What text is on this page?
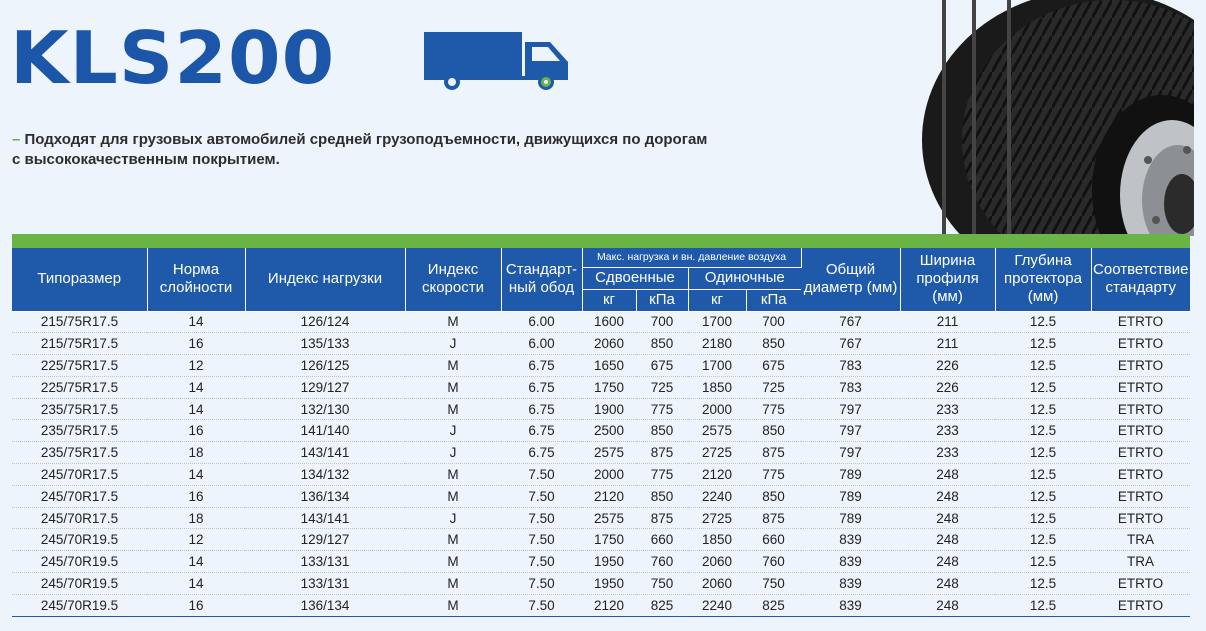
KLS200
– Подходят для грузовых автомобилей средней грузоподъемности, движущихся по дорогам
с высококачественным покрытием.
Типоразмер	Норма слойности	Индекс нагрузки	Индекс скорости	Стандарт-ный обод	Макс. нагрузка и вн. давление воздуха				Общий диаметр (мм)	Ширина профиля (мм)	Глубина протектора (мм)	Соответствие стандарту
					Сдвоенные		Одиночные					
					кг	кПа	кг	кПа				
215/75R17.5	14	126/124	M	6.00	1600	700	1700	700	767	211	12.5	ETRTO
215/75R17.5	16	135/133	J	6.00	2060	850	2180	850	767	211	12.5	ETRTO
225/75R17.5	12	126/125	M	6.75	1650	675	1700	675	783	226	12.5	ETRTO
225/75R17.5	14	129/127	M	6.75	1750	725	1850	725	783	226	12.5	ETRTO
235/75R17.5	14	132/130	M	6.75	1900	775	2000	775	797	233	12.5	ETRTO
235/75R17.5	16	141/140	J	6.75	2500	850	2575	850	797	233	12.5	ETRTO
235/75R17.5	18	143/141	J	6.75	2575	875	2725	875	797	233	12.5	ETRTO
245/70R17.5	14	134/132	M	7.50	2000	775	2120	775	789	248	12.5	ETRTO
245/70R17.5	16	136/134	M	7.50	2120	850	2240	850	789	248	12.5	ETRTO
245/70R17.5	18	143/141	J	7.50	2575	875	2725	875	789	248	12.5	ETRTO
245/70R19.5	12	129/127	M	7.50	1750	660	1850	660	839	248	12.5	TRA
245/70R19.5	14	133/131	M	7.50	1950	760	2060	760	839	248	12.5	TRA
245/70R19.5	14	133/131	M	7.50	1950	750	2060	750	839	248	12.5	ETRTO
245/70R19.5	16	136/134	M	7.50	2120	825	2240	825	839	248	12.5	ETRTO
